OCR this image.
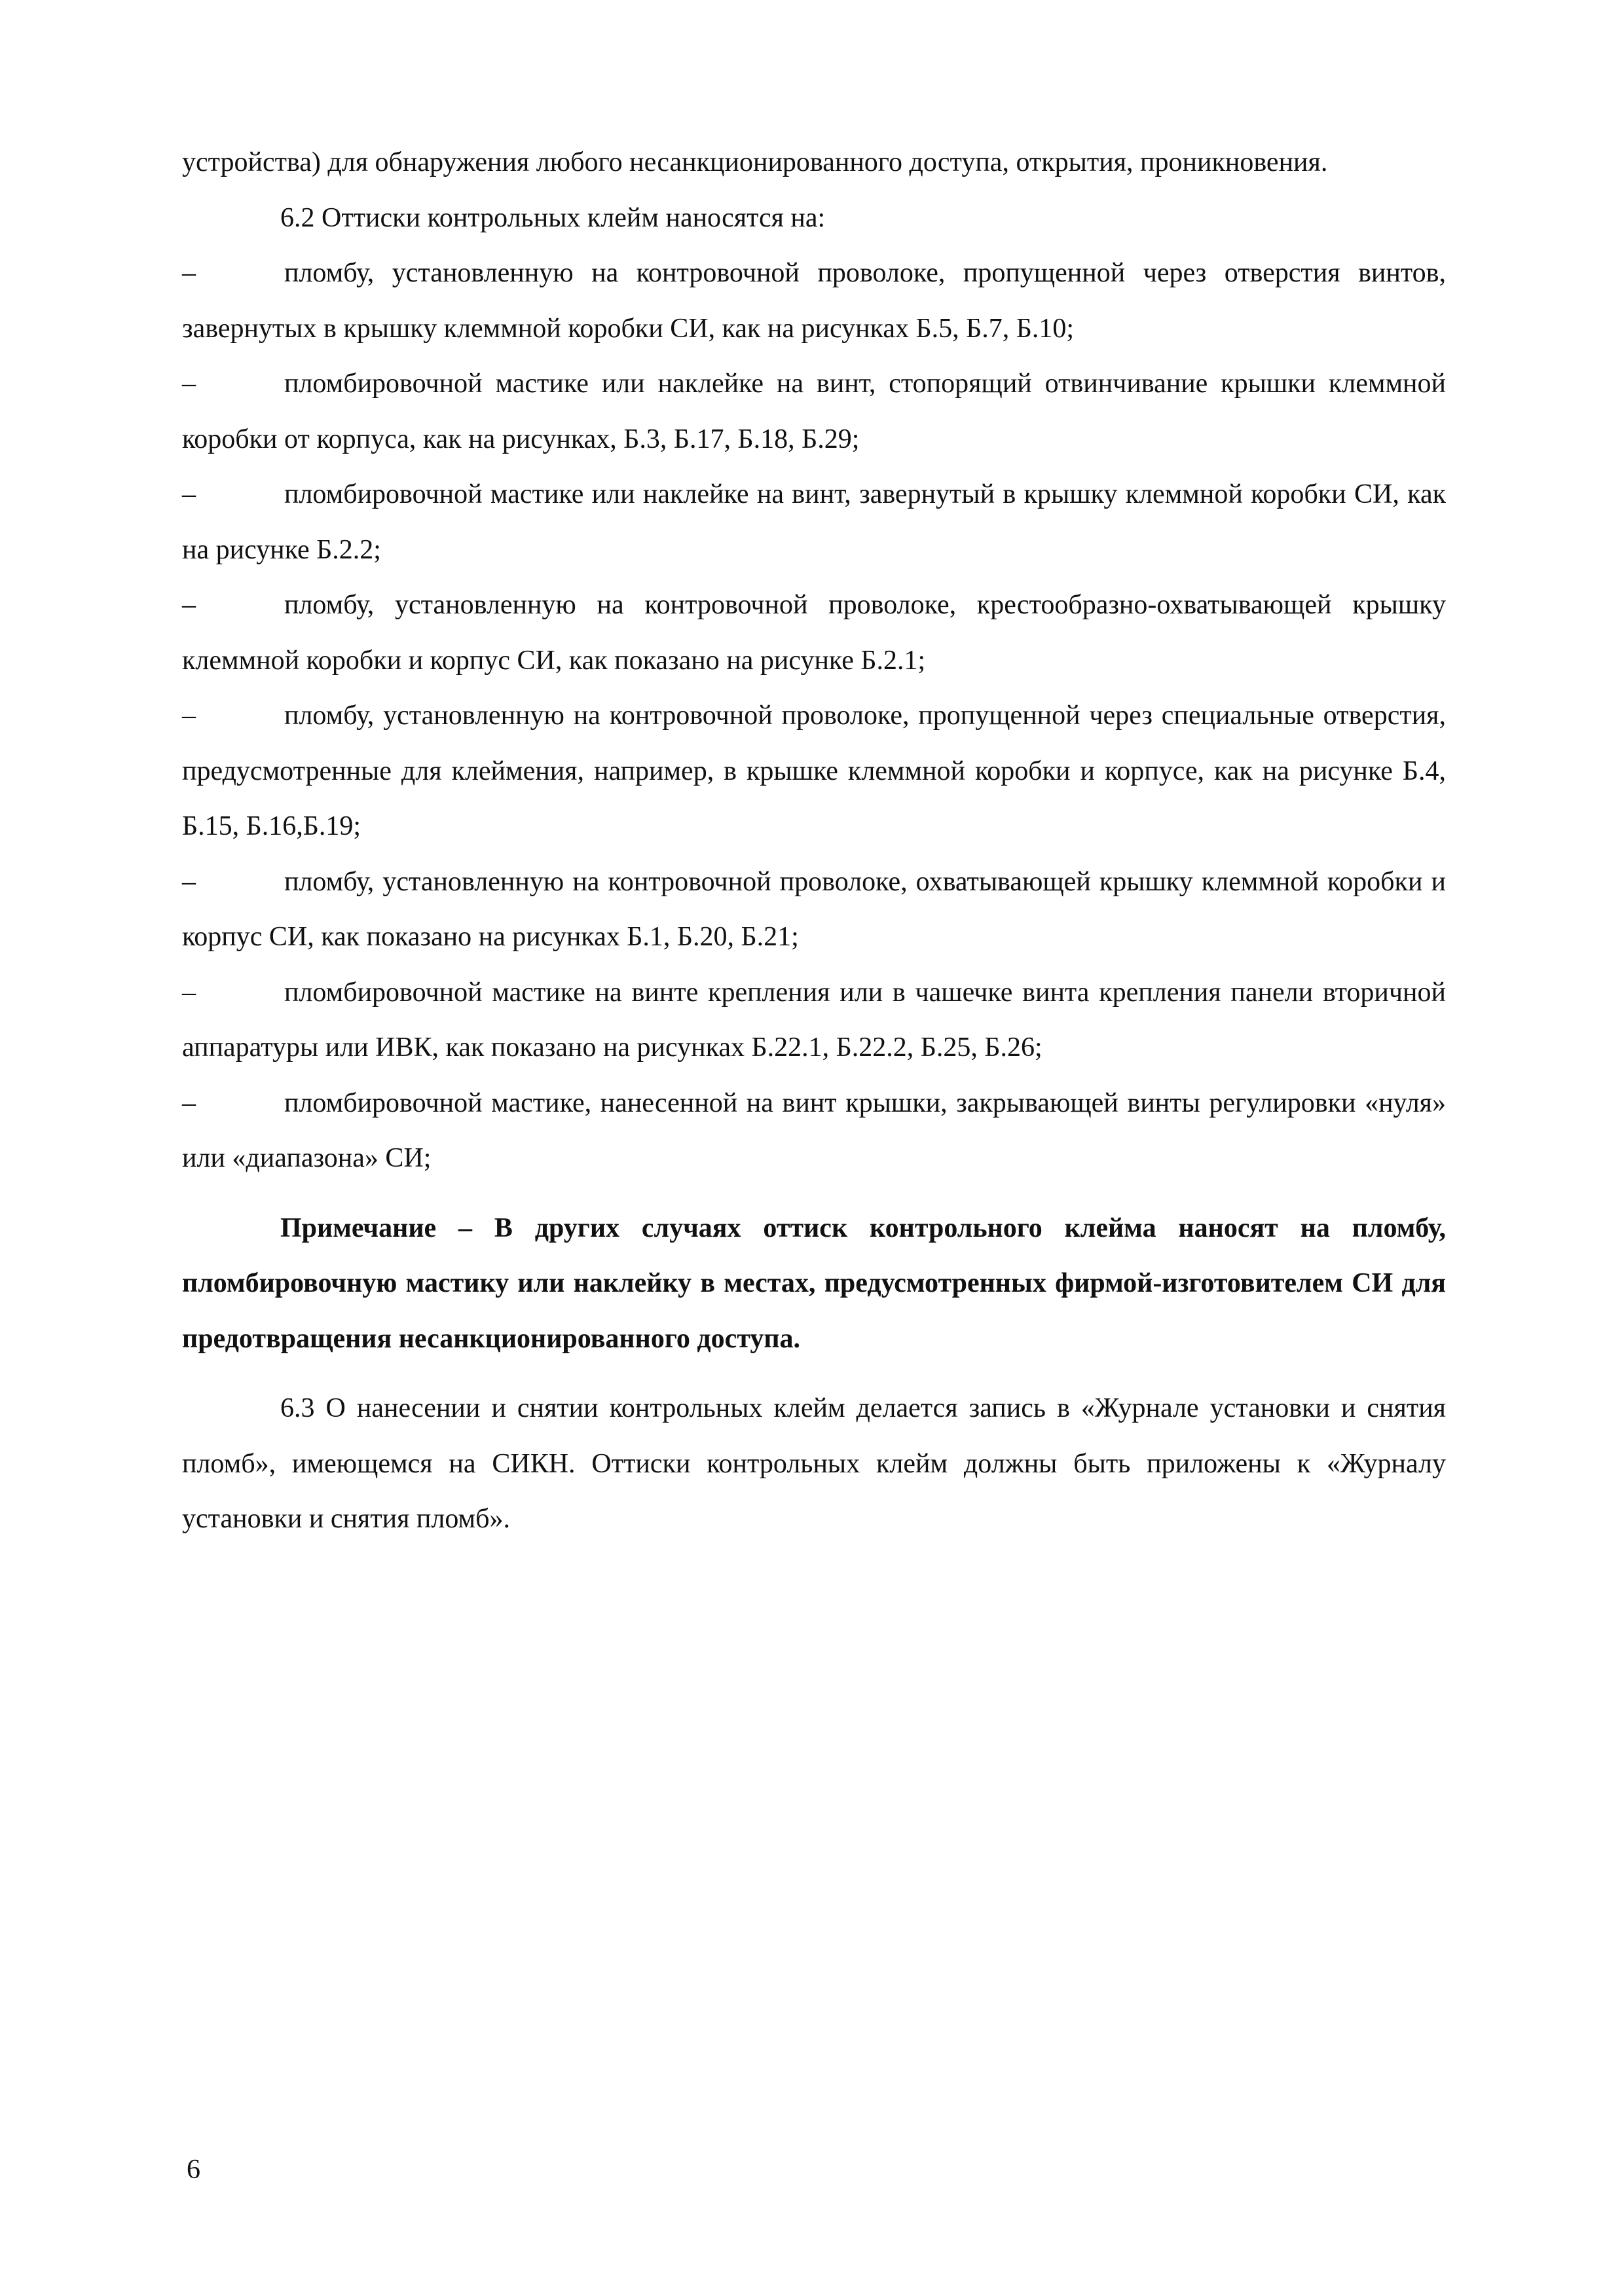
устройства) для обнаружения любого несанкционированного доступа, открытия, проникновения.

6.2 Оттиски контрольных клейм наносятся на:

–	пломбу, установленную на контровочной проволоке, пропущенной через отверстия винтов, завернутых в крышку клеммной коробки СИ, как на рисунках Б.5, Б.7, Б.10;

–	пломбировочной мастике или наклейке на винт, стопорящий отвинчивание крышки клеммной коробки от корпуса, как на рисунках, Б.3, Б.17, Б.18, Б.29;

–	пломбировочной мастике или наклейке на винт, завернутый в крышку клеммной коробки СИ, как на рисунке Б.2.2;

–	пломбу, установленную на контровочной проволоке, крестообразно-охватывающей крышку клеммной коробки и корпус СИ, как показано на рисунке Б.2.1;

–	пломбу, установленную на контровочной проволоке, пропущенной через специальные отверстия, предусмотренные для клеймения, например, в крышке клеммной коробки и корпусе, как на рисунке Б.4, Б.15, Б.16,Б.19;

–	пломбу, установленную на контровочной проволоке, охватывающей крышку клеммной коробки и корпус СИ, как показано на рисунках Б.1, Б.20, Б.21;

–	пломбировочной мастике на винте крепления или в чашечке винта крепления панели вторичной аппаратуры или ИВК, как показано на рисунках Б.22.1, Б.22.2, Б.25, Б.26;

–	пломбировочной мастике, нанесенной на винт крышки, закрывающей винты регулировки «нуля» или «диапазона» СИ;

Примечание – В других случаях оттиск контрольного клейма наносят на пломбу, пломбировочную мастику или наклейку в местах, предусмотренных фирмой-изготовителем СИ для предотвращения несанкционированного доступа.

6.3 О нанесении и снятии контрольных клейм делается запись в «Журнале установки и снятия пломб», имеющемся на СИКН. Оттиски контрольных клейм должны быть приложены к «Журналу установки и снятия пломб».

6
